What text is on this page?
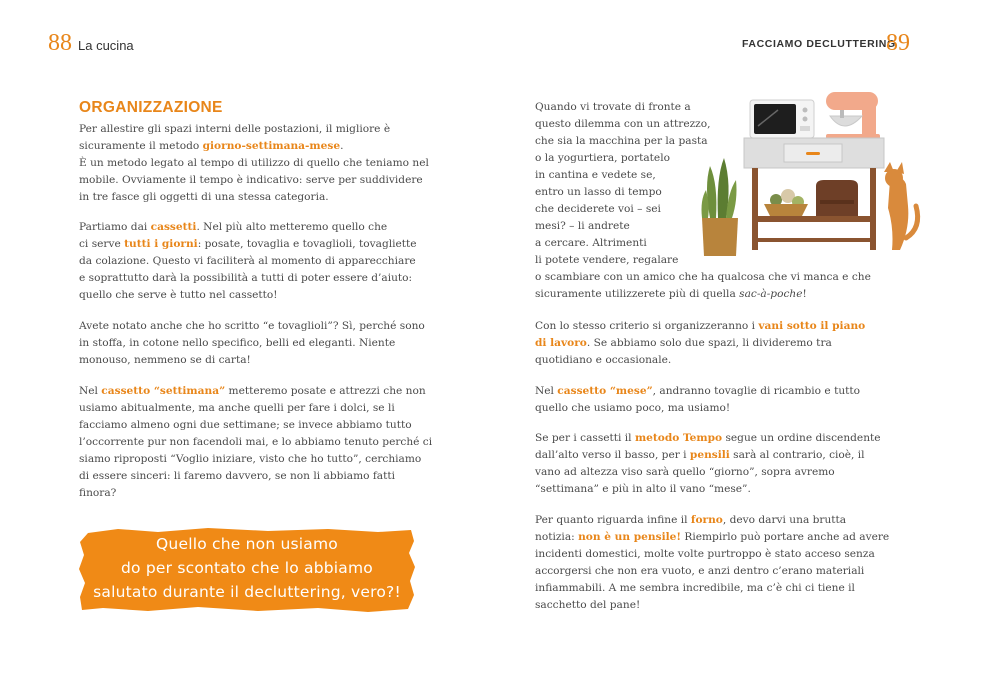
88 La cucina	FACCIAMO DECLUTTERING
89
ORGANIZZAZIONE
Per allestire gli spazi interni delle postazioni, il migliore è
sicuramente il metodo giorno-settimana-mese.
È un metodo legato al tempo di utilizzo di quello che teniamo nel
mobile. Ovviamente il tempo è indicativo: serve per suddividere
in tre fasce gli oggetti di una stessa categoria.
Partiamo dai cassetti. Nel più alto metteremo quello che
ci serve tutti i giorni: posate, tovaglia e tovaglioli, tovagliette
da colazione. Questo vi faciliterà al momento di apparecchiare
e soprattutto darà la possibilità a tutti di poter essere d’aiuto:
quello che serve è tutto nel cassetto!
Avete notato anche che ho scritto “e tovaglioli”? Sì, perché sono
in stoffa, in cotone nello specifico, belli ed eleganti. Niente
monouso, nemmeno se di carta!
Nel cassetto “settimana” metteremo posate e attrezzi che non
usiamo abitualmente, ma anche quelli per fare i dolci, se li
facciamo almeno ogni due settimane; se invece abbiamo tutto
l’occorrente pur non facendoli mai, e lo abbiamo tenuto perché ci
siamo riproposti “Voglio iniziare, visto che ho tutto”, cerchiamo
di essere sinceri: li faremo davvero, se non li abbiamo fatti
finora?
Quello che non usiamo
do per scontato che lo abbiamo
salutato durante il decluttering, vero?!
Quando vi trovate di fronte a
questo dilemma con un attrezzo,
che sia la macchina per la pasta
o la yogurtiera, portatelo
in cantina e vedete se,
entro un lasso di tempo
che deciderete voi – sei
mesi? – li andrete
a cercare. Altrimenti
li potete vendere, regalare
o scambiare con un amico che ha qualcosa che vi manca e che
sicuramente utilizzerete più di quella sac-à-poche!
Con lo stesso criterio si organizzeranno i vani sotto il piano
di lavoro. Se abbiamo solo due spazi, li divideremo tra
quotidiano e occasionale.
Nel cassetto “mese”, andranno tovaglie di ricambio e tutto
quello che usiamo poco, ma usiamo!
Se per i cassetti il metodo Tempo segue un ordine discendente
dall’alto verso il basso, per i pensili sarà al contrario, cioè, il
vano ad altezza viso sarà quello “giorno”, sopra avremo
“settimana” e più in alto il vano “mese”.
Per quanto riguarda infine il forno, devo darvi una brutta
notizia: non è un pensile! Riempirlo può portare anche ad avere
incidenti domestici, molte volte purtroppo è stato acceso senza
accorgersi che non era vuoto, e anzi dentro c’erano materiali
infiammabili. A me sembra incredibile, ma c’è chi ci tiene il
sacchetto del pane!
